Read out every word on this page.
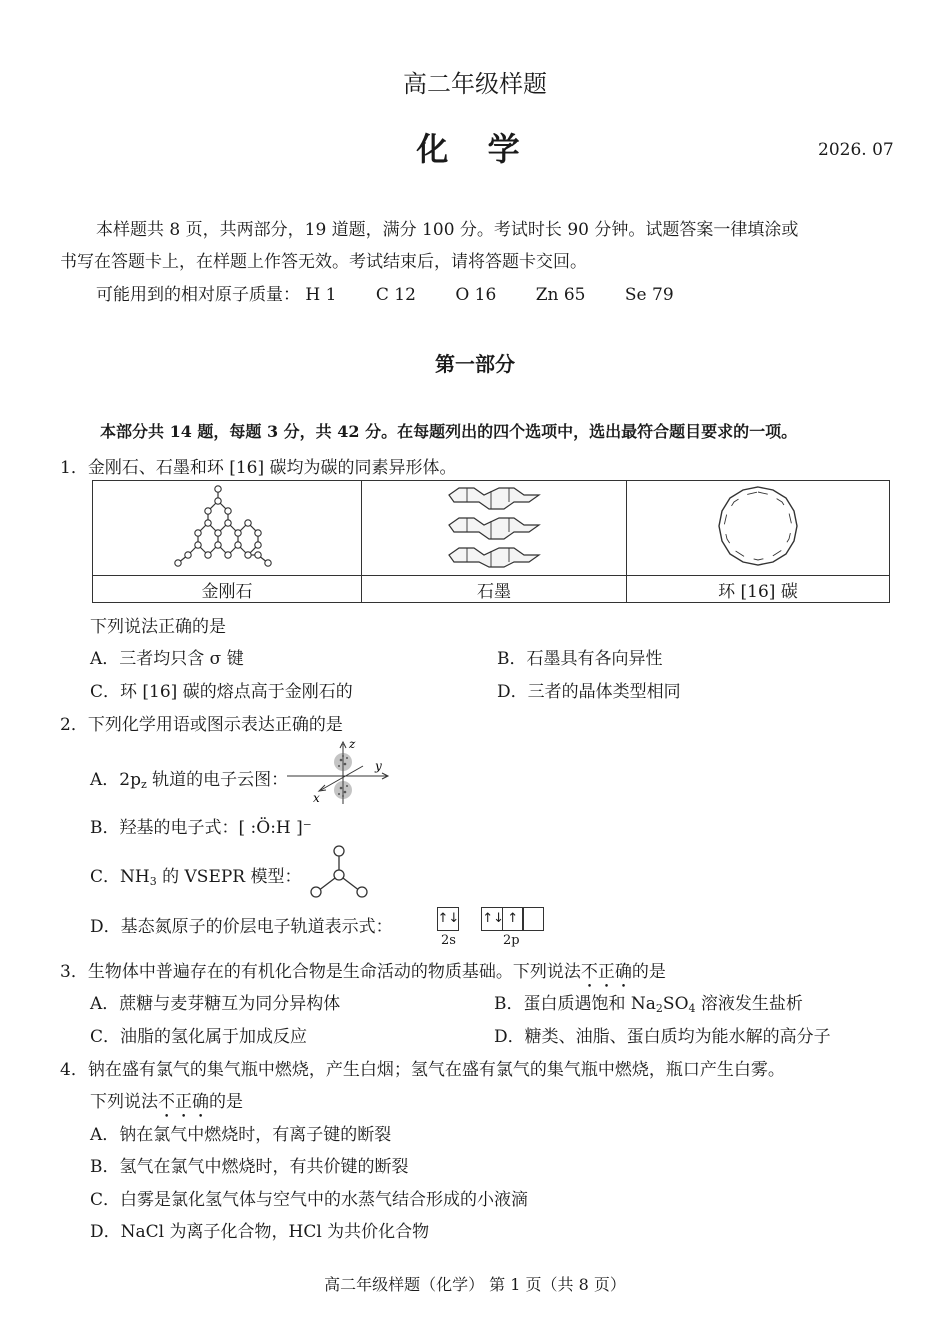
高二年级样题
化 学	2026. 07
本样题共 8 页，共两部分，19 道题，满分 100 分。考试时长 90 分钟。试题答案一律填涂或
书写在答题卡上，在样题上作答无效。考试结束后，请将答题卡交回。
可能用到的相对原子质量： H 1 C 12 O 16 Zn 65 Se 79
第一部分
本部分共 14 题，每题 3 分，共 42 分。在每题列出的四个选项中，选出最符合题目要求的一项。
1．金刚石、石墨和环 [16] 碳均为碳的同素异形体。

金刚石	石墨	环 [16] 碳
下列说法正确的是
A．三者均只含 σ 键	B．石墨具有各向异性
C．环 [16] 碳的熔点高于金刚石的	D．三者的晶体类型相同
2．下列化学用语或图示表达正确的是
A．$2p_z$ 轨道的电子云图：
z
y
x
B．羟基的电子式：[ :Ö:H ]⁻
C．$NH_3$ 的 VSEPR 模型：
D．基态氮原子的价层电子轨道表示式：	↑↓ ↑↓ ↑
2s	2p
3．生物体中普遍存在的有机化合物是生命活动的物质基础。下列说法不正确的是
A．蔗糖与麦芽糖互为同分异构体	B．蛋白质遇饱和 $Na_2SO_4$ 溶液发生盐析
C．油脂的氢化属于加成反应	D．糖类、油脂、蛋白质均为能水解的高分子
4．钠在盛有氯气的集气瓶中燃烧，产生白烟；氢气在盛有氯气的集气瓶中燃烧，瓶口产生白雾。
下列说法不正确的是
A．钠在氯气中燃烧时，有离子键的断裂
B．氢气在氯气中燃烧时，有共价键的断裂
C．白雾是氯化氢气体与空气中的水蒸气结合形成的小液滴
D．NaCl 为离子化合物，HCl 为共价化合物
高二年级样题（化学） 第 1 页（共 8 页）
